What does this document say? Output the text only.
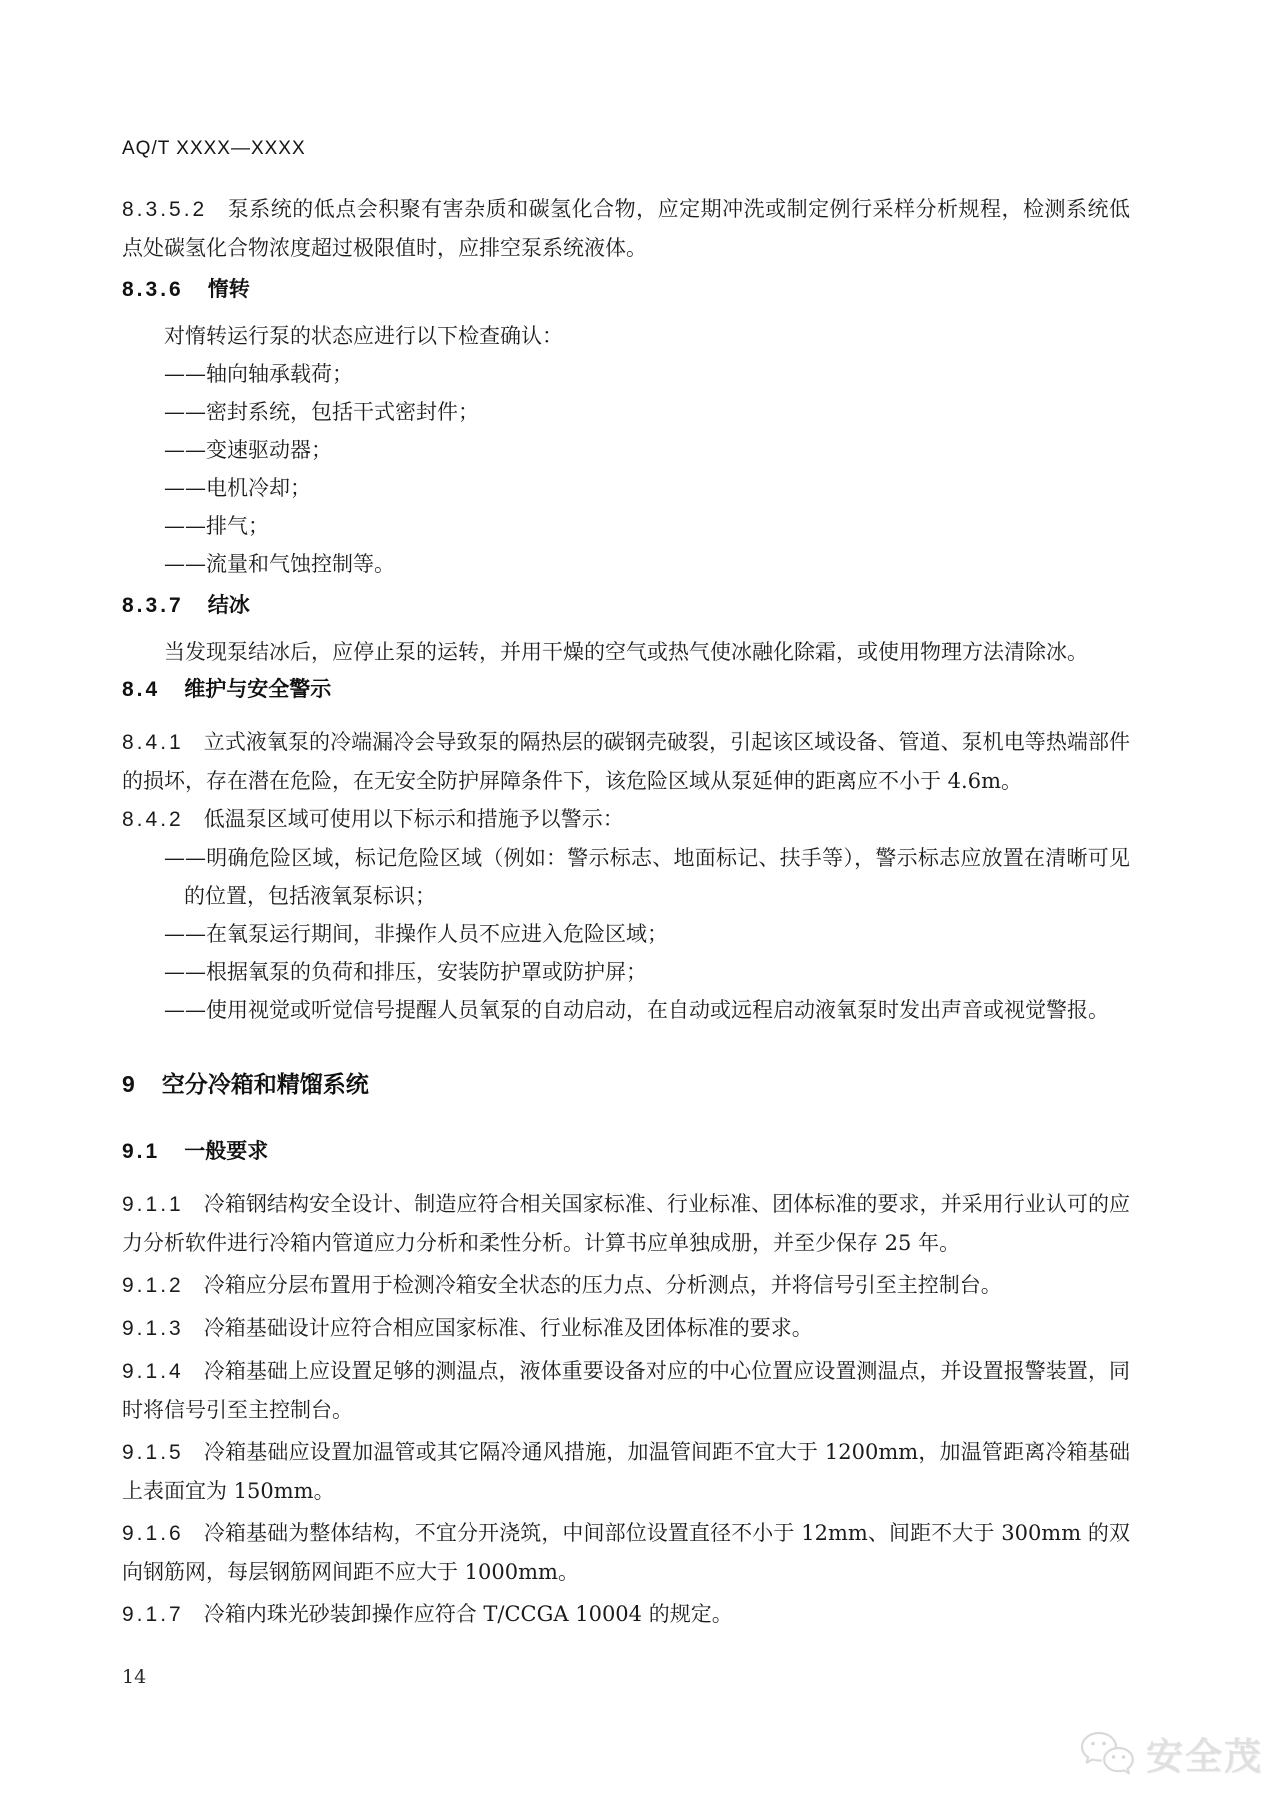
AQ/T XXXX—XXXX

8.3.5.2 泵系统的低点会积聚有害杂质和碳氢化合物，应定期冲洗或制定例行采样分析规程，检测系统低点处碳氢化合物浓度超过极限值时，应排空泵系统液体。

8.3.6 惰转

对惰转运行泵的状态应进行以下检查确认：

——轴向轴承载荷；

——密封系统，包括干式密封件；

——变速驱动器；

——电机冷却；

——排气；

——流量和气蚀控制等。

8.3.7 结冰

当发现泵结冰后，应停止泵的运转，并用干燥的空气或热气使冰融化除霜，或使用物理方法清除冰。

8.4 维护与安全警示

8.4.1 立式液氧泵的冷端漏冷会导致泵的隔热层的碳钢壳破裂，引起该区域设备、管道、泵机电等热端部件的损坏，存在潜在危险，在无安全防护屏障条件下，该危险区域从泵延伸的距离应不小于 4.6m。

8.4.2 低温泵区域可使用以下标示和措施予以警示：

——明确危险区域，标记危险区域（例如：警示标志、地面标记、扶手等），警示标志应放置在清晰可见的位置，包括液氧泵标识；

——在氧泵运行期间，非操作人员不应进入危险区域；

——根据氧泵的负荷和排压，安装防护罩或防护屏；

——使用视觉或听觉信号提醒人员氧泵的自动启动，在自动或远程启动液氧泵时发出声音或视觉警报。

9 空分冷箱和精馏系统
9.1 一般要求

9.1.1 冷箱钢结构安全设计、制造应符合相关国家标准、行业标准、团体标准的要求，并采用行业认可的应力分析软件进行冷箱内管道应力分析和柔性分析。计算书应单独成册，并至少保存 25 年。

9.1.2 冷箱应分层布置用于检测冷箱安全状态的压力点、分析测点，并将信号引至主控制台。

9.1.3 冷箱基础设计应符合相应国家标准、行业标准及团体标准的要求。

9.1.4 冷箱基础上应设置足够的测温点，液体重要设备对应的中心位置应设置测温点，并设置报警装置，同时将信号引至主控制台。

9.1.5 冷箱基础应设置加温管或其它隔冷通风措施，加温管间距不宜大于 1200mm，加温管距离冷箱基础上表面宜为 150mm。

9.1.6 冷箱基础为整体结构，不宜分开浇筑，中间部位设置直径不小于 12mm、间距不大于 300mm 的双向钢筋网，每层钢筋网间距不应大于 1000mm。

9.1.7 冷箱内珠光砂装卸操作应符合 T/CCGA 10004 的规定。

14
安全茂
